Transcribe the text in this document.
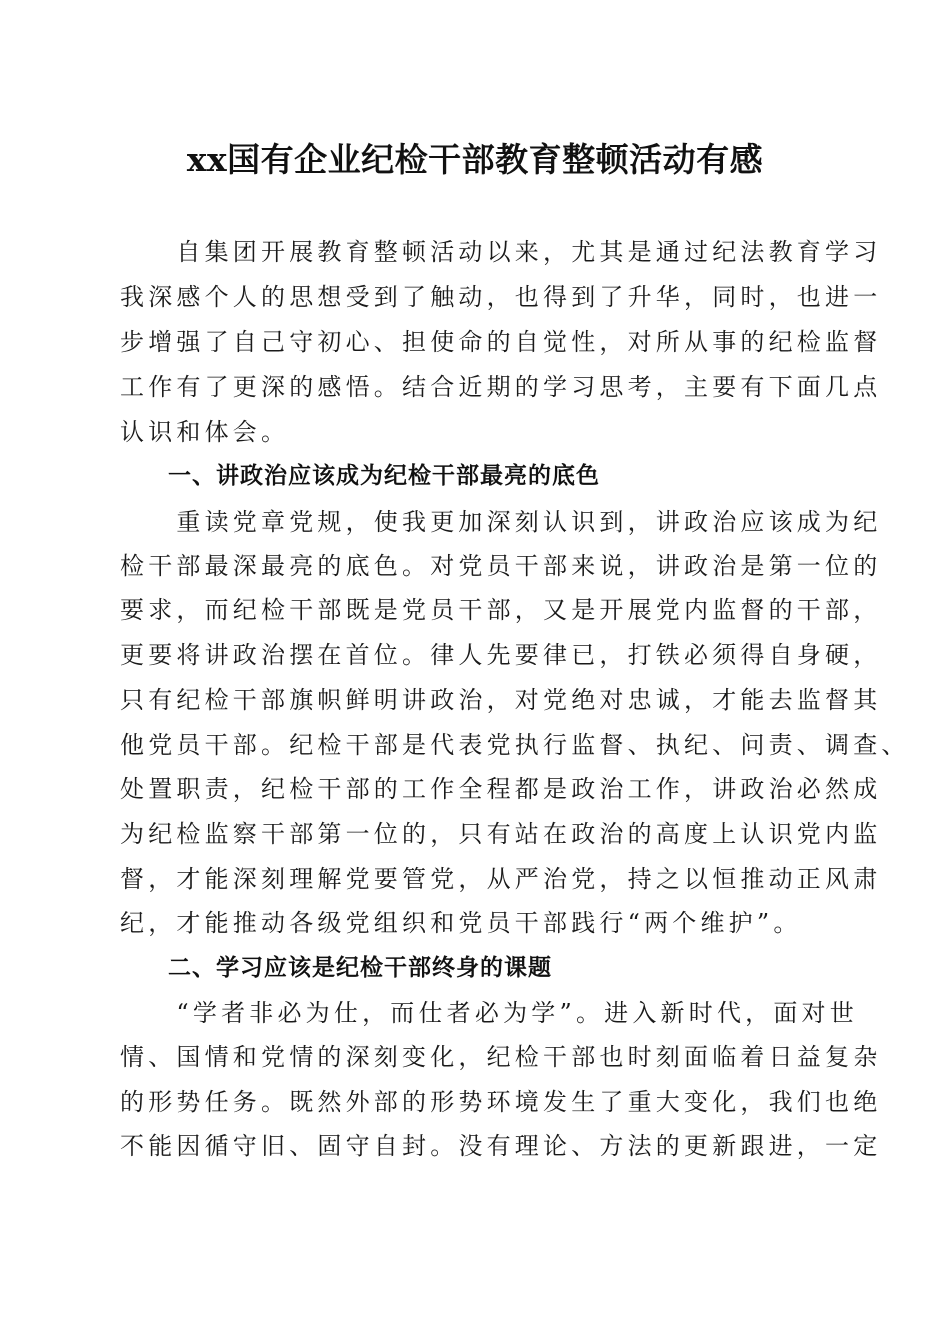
xx国有企业纪检干部教育整顿活动有感
　　自集团开展教育整顿活动以来，尤其是通过纪法教育学习
我深感个人的思想受到了触动，也得到了升华，同时，也进一
步增强了自己守初心、担使命的自觉性，对所从事的纪检监督
工作有了更深的感悟。结合近期的学习思考，主要有下面几点
认识和体会。
一、讲政治应该成为纪检干部最亮的底色
　　重读党章党规，使我更加深刻认识到，讲政治应该成为纪
检干部最深最亮的底色。对党员干部来说，讲政治是第一位的
要求，而纪检干部既是党员干部，又是开展党内监督的干部，
更要将讲政治摆在首位。律人先要律已，打铁必须得自身硬，
只有纪检干部旗帜鲜明讲政治，对党绝对忠诚，才能去监督其
他党员干部。纪检干部是代表党执行监督、执纪、问责、调查、
处置职责，纪检干部的工作全程都是政治工作，讲政治必然成
为纪检监察干部第一位的，只有站在政治的高度上认识党内监
督，才能深刻理解党要管党，从严治党，持之以恒推动正风肃
纪，才能推动各级党组织和党员干部践行“两个维护”。
二、学习应该是纪检干部终身的课题
　　“学者非必为仕，而仕者必为学”。进入新时代，面对世
情、国情和党情的深刻变化，纪检干部也时刻面临着日益复杂
的形势任务。既然外部的形势环境发生了重大变化，我们也绝
不能因循守旧、固守自封。没有理论、方法的更新跟进，一定
